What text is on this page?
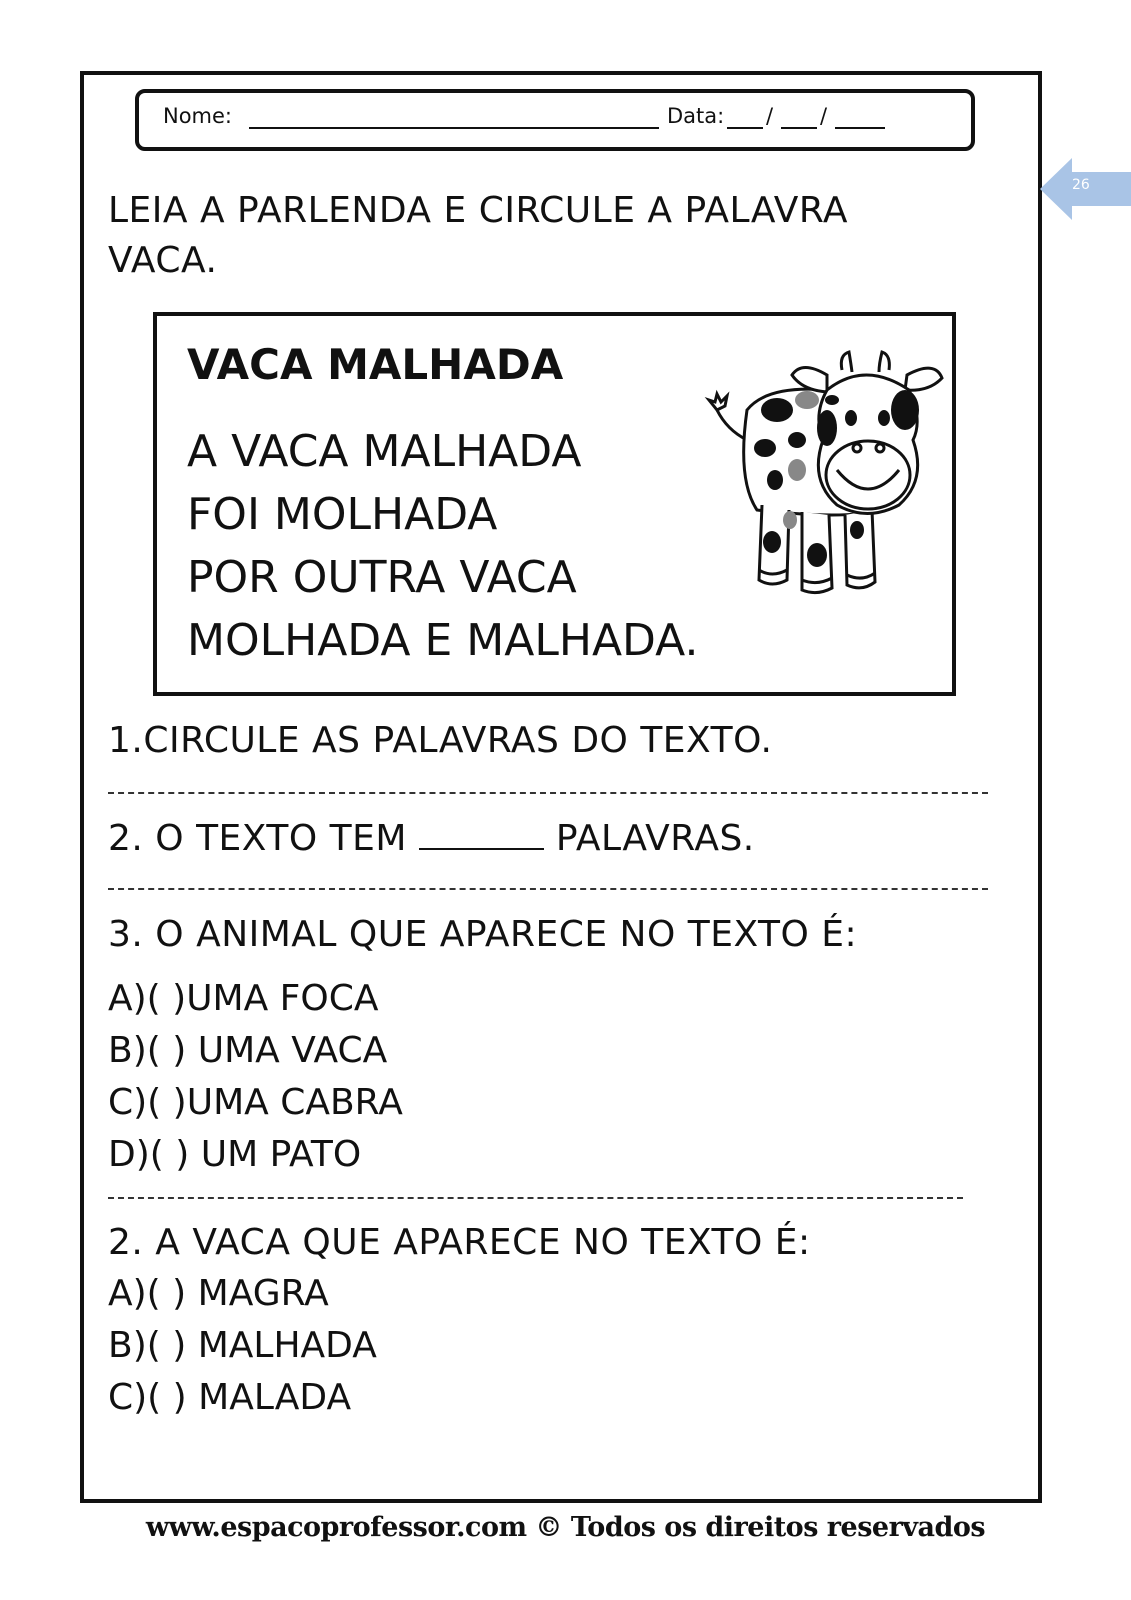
Nome:	Data: / /
26
LEIA A PARLENDA E CIRCULE A PALAVRA VACA.
VACA MALHADA
A VACA MALHADA
FOI MOLHADA
POR OUTRA VACA
MOLHADA E MALHADA.
1.CIRCULE AS PALAVRAS DO TEXTO.
2. O TEXTO TEM	PALAVRAS.
3. O ANIMAL QUE APARECE NO TEXTO É:
A)( )UMA FOCA
B)( ) UMA VACA
C)( )UMA CABRA
D)( ) UM PATO
2. A VACA QUE APARECE NO TEXTO É:
A)( ) MAGRA
B)( ) MALHADA
C)( ) MALADA
www.espacoprofessor.com © Todos os direitos reservados
